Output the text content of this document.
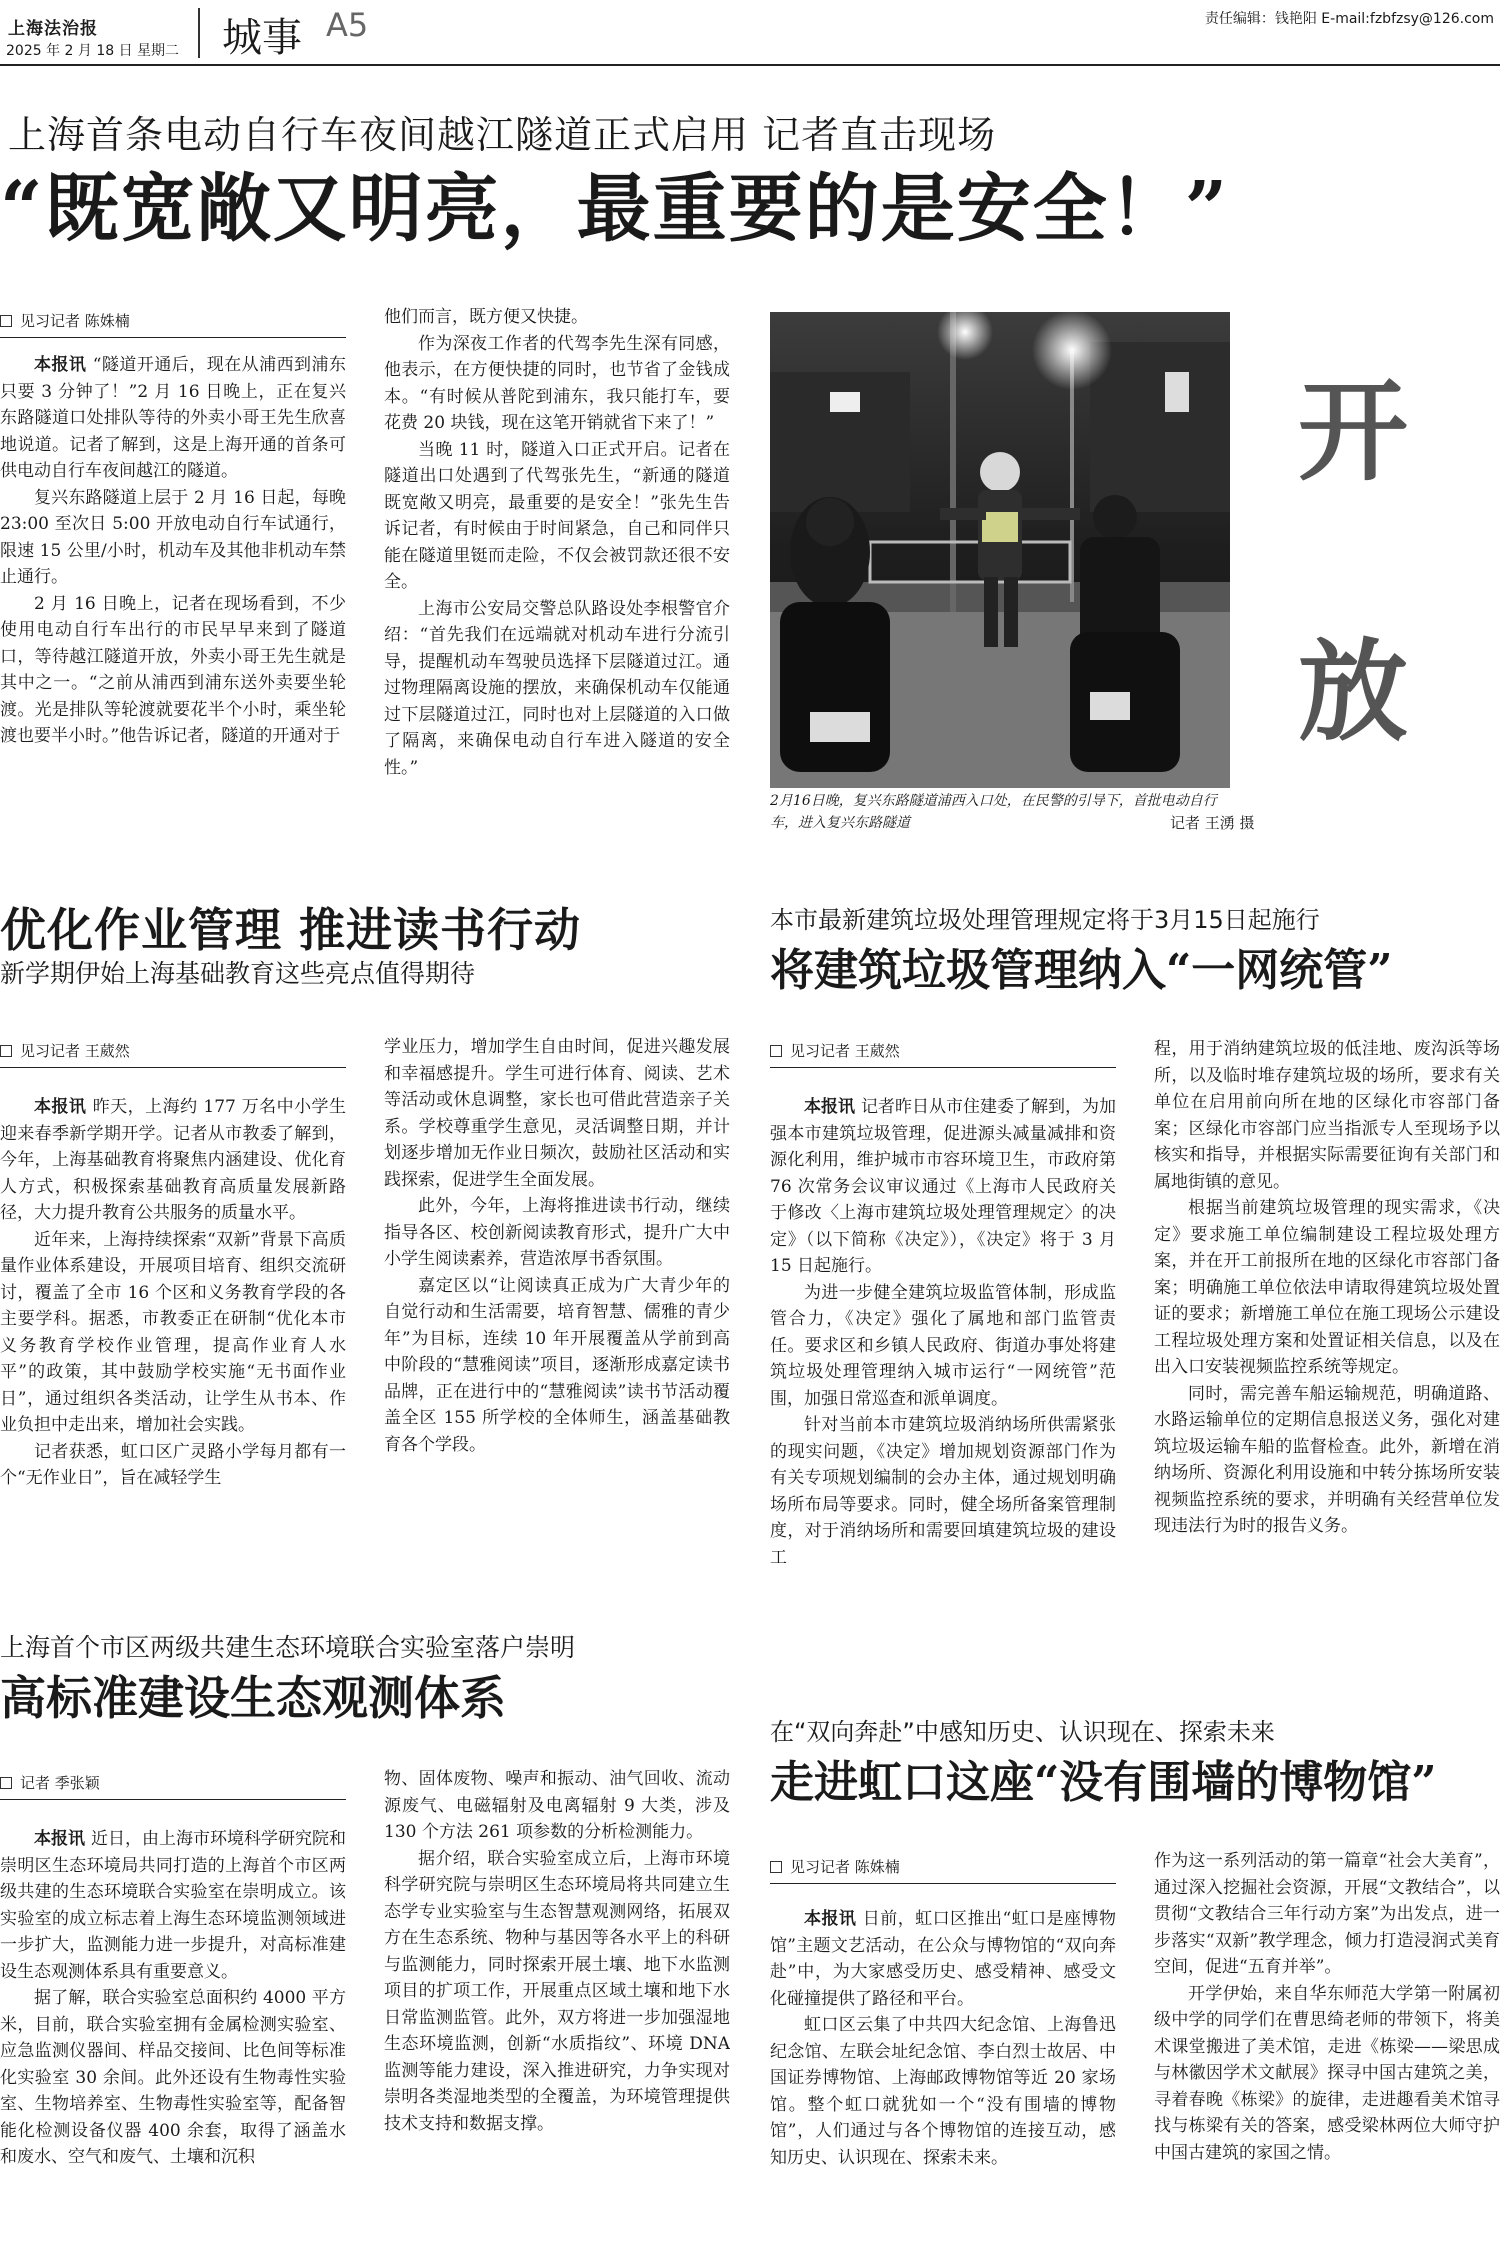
上海法治报
2025 年 2 月 18 日 星期二 城事 A5	责任编辑：钱艳阳 E-mail:fzbfzsy@126.com
上海首条电动自行车夜间越江隧道正式启用 记者直击现场
“既宽敞又明亮，最重要的是安全！”
见习记者 陈姝楠

本报讯 “隧道开通后，现在从浦西到浦东只要 3 分钟了！”2 月 16 日晚上，正在复兴东路隧道口处排队等待的外卖小哥王先生欣喜地说道。记者了解到，这是上海开通的首条可供电动自行车夜间越江的隧道。

复兴东路隧道上层于 2 月 16 日起，每晚 23:00 至次日 5:00 开放电动自行车试通行，限速 15 公里/小时，机动车及其他非机动车禁止通行。

2 月 16 日晚上，记者在现场看到，不少使用电动自行车出行的市民早早来到了隧道口，等待越江隧道开放，外卖小哥王先生就是其中之一。“之前从浦西到浦东送外卖要坐轮渡。光是排队等轮渡就要花半个小时，乘坐轮渡也要半小时。”他告诉记者，隧道的开通对于

他们而言，既方便又快捷。

作为深夜工作者的代驾李先生深有同感，他表示，在方便快捷的同时，也节省了金钱成本。“有时候从普陀到浦东，我只能打车，要花费 20 块钱，现在这笔开销就省下来了！”

当晚 11 时，隧道入口正式开启。记者在隧道出口处遇到了代驾张先生，“新通的隧道既宽敞又明亮，最重要的是安全！”张先生告诉记者，有时候由于时间紧急，自己和同伴只能在隧道里铤而走险，不仅会被罚款还很不安全。

上海市公安局交警总队路设处李根警官介绍：“首先我们在远端就对机动车进行分流引导，提醒机动车驾驶员选择下层隧道过江。通过物理隔离设施的摆放，来确保机动车仅能通过下层隧道过江，同时也对上层隧道的入口做了隔离，来确保电动自行车进入隧道的安全性。”

开
放
2月16日晚，复兴东路隧道浦西入口处，在民警的引导下，首批电动自行车，进入复兴东路隧道	记者 王湧 摄
优化作业管理 推进读书行动
新学期伊始上海基础教育这些亮点值得期待
见习记者 王葳然

本报讯 昨天，上海约 177 万名中小学生迎来春季新学期开学。记者从市教委了解到，今年，上海基础教育将聚焦内涵建设、优化育人方式，积极探索基础教育高质量发展新路径，大力提升教育公共服务的质量水平。

近年来，上海持续探索“双新”背景下高质量作业体系建设，开展项目培育、组织交流研讨，覆盖了全市 16 个区和义务教育学段的各主要学科。据悉，市教委正在研制“优化本市义务教育学校作业管理，提高作业育人水平”的政策，其中鼓励学校实施“无书面作业日”，通过组织各类活动，让学生从书本、作业负担中走出来，增加社会实践。

记者获悉，虹口区广灵路小学每月都有一个“无作业日”，旨在减轻学生

学业压力，增加学生自由时间，促进兴趣发展和幸福感提升。学生可进行体育、阅读、艺术等活动或休息调整，家长也可借此营造亲子关系。学校尊重学生意见，灵活调整日期，并计划逐步增加无作业日频次，鼓励社区活动和实践探索，促进学生全面发展。

此外，今年，上海将推进读书行动，继续指导各区、校创新阅读教育形式，提升广大中小学生阅读素养，营造浓厚书香氛围。

嘉定区以“让阅读真正成为广大青少年的自觉行动和生活需要，培育智慧、儒雅的青少年”为目标，连续 10 年开展覆盖从学前到高中阶段的“慧雅阅读”项目，逐渐形成嘉定读书品牌，正在进行中的“慧雅阅读”读书节活动覆盖全区 155 所学校的全体师生，涵盖基础教育各个学段。

本市最新建筑垃圾处理管理规定将于3月15日起施行
将建筑垃圾管理纳入“一网统管”
见习记者 王葳然

本报讯 记者昨日从市住建委了解到，为加强本市建筑垃圾管理，促进源头减量减排和资源化利用，维护城市市容环境卫生，市政府第 76 次常务会议审议通过《上海市人民政府关于修改〈上海市建筑垃圾处理管理规定〉的决定》（以下简称《决定》），《决定》将于 3 月 15 日起施行。

为进一步健全建筑垃圾监管体制，形成监管合力，《决定》强化了属地和部门监管责任。要求区和乡镇人民政府、街道办事处将建筑垃圾处理管理纳入城市运行“一网统管”范围，加强日常巡查和派单调度。

针对当前本市建筑垃圾消纳场所供需紧张的现实问题，《决定》增加规划资源部门作为有关专项规划编制的会办主体，通过规划明确场所布局等要求。同时，健全场所备案管理制度，对于消纳场所和需要回填建筑垃圾的建设工

程，用于消纳建筑垃圾的低洼地、废沟浜等场所，以及临时堆存建筑垃圾的场所，要求有关单位在启用前向所在地的区绿化市容部门备案；区绿化市容部门应当指派专人至现场予以核实和指导，并根据实际需要征询有关部门和属地街镇的意见。

根据当前建筑垃圾管理的现实需求，《决定》要求施工单位编制建设工程垃圾处理方案，并在开工前报所在地的区绿化市容部门备案；明确施工单位依法申请取得建筑垃圾处置证的要求；新增施工单位在施工现场公示建设工程垃圾处理方案和处置证相关信息，以及在出入口安装视频监控系统等规定。

同时，需完善车船运输规范，明确道路、水路运输单位的定期信息报送义务，强化对建筑垃圾运输车船的监督检查。此外，新增在消纳场所、资源化利用设施和中转分拣场所安装视频监控系统的要求，并明确有关经营单位发现违法行为时的报告义务。

上海首个市区两级共建生态环境联合实验室落户崇明
高标准建设生态观测体系
记者 季张颖

本报讯 近日，由上海市环境科学研究院和崇明区生态环境局共同打造的上海首个市区两级共建的生态环境联合实验室在崇明成立。该实验室的成立标志着上海生态环境监测领域进一步扩大，监测能力进一步提升，对高标准建设生态观测体系具有重要意义。

据了解，联合实验室总面积约 4000 平方米，目前，联合实验室拥有金属检测实验室、应急监测仪器间、样品交接间、比色间等标准化实验室 30 余间。此外还设有生物毒性实验室、生物培养室、生物毒性实验室等，配备智能化检测设备仪器 400 余套，取得了涵盖水和废水、空气和废气、土壤和沉积

物、固体废物、噪声和振动、油气回收、流动源废气、电磁辐射及电离辐射 9 大类，涉及 130 个方法 261 项参数的分析检测能力。

据介绍，联合实验室成立后，上海市环境科学研究院与崇明区生态环境局将共同建立生态学专业实验室与生态智慧观测网络，拓展双方在生态系统、物种与基因等各水平上的科研与监测能力，同时探索开展土壤、地下水监测项目的扩项工作，开展重点区域土壤和地下水日常监测监管。此外，双方将进一步加强湿地生态环境监测，创新“水质指纹”、环境 DNA 监测等能力建设，深入推进研究，力争实现对崇明各类湿地类型的全覆盖，为环境管理提供技术支持和数据支撑。

在“双向奔赴”中感知历史、认识现在、探索未来
走进虹口这座“没有围墙的博物馆”
见习记者 陈姝楠

本报讯 日前，虹口区推出“虹口是座博物馆”主题文艺活动，在公众与博物馆的“双向奔赴”中，为大家感受历史、感受精神、感受文化碰撞提供了路径和平台。

虹口区云集了中共四大纪念馆、上海鲁迅纪念馆、左联会址纪念馆、李白烈士故居、中国证券博物馆、上海邮政博物馆等近 20 家场馆。整个虹口就犹如一个“没有围墙的博物馆”，人们通过与各个博物馆的连接互动，感知历史、认识现在、探索未来。

作为这一系列活动的第一篇章“社会大美育”，通过深入挖掘社会资源，开展“文教结合”，以贯彻“文教结合三年行动方案”为出发点，进一步落实“双新”教学理念，倾力打造浸润式美育空间，促进“五育并举”。

开学伊始，来自华东师范大学第一附属初级中学的同学们在曹思绮老师的带领下，将美术课堂搬进了美术馆，走进《栋梁——梁思成与林徽因学术文献展》探寻中国古建筑之美，寻着春晚《栋梁》的旋律，走进趣看美术馆寻找与栋梁有关的答案，感受梁林两位大师守护中国古建筑的家国之情。
